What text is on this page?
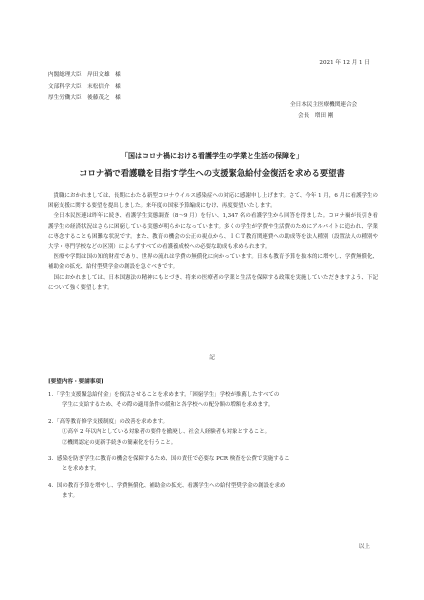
2021 年 12 月 1 日
内閣総理大臣　岸田文雄　様
文部科学大臣　末松信介　様
厚生労働大臣　後藤茂之　様
全日本民主医療機関連合会
会長　増田 剛
「国はコロナ禍における看護学生の学業と生活の保障を」
コロナ禍で看護職を目指す学生への支援緊急給付金復活を求める要望書

貴職におかれましては、長期にわたる新型コロナウイルス感染症への対応に感謝申し上げます。さて、今年 1 月，6 月に看護学生の困窮支援に関する要望を提出しました。来年度の国家予算編成にむけ、再度要望いたします。

全日本民医連は昨年に続き、看護学生実態調査（8～9 月）を行い、1,347 名の看護学生から回答を得ました。コロナ禍が長引き看護学生の経済状況はさらに困窮している実態が明らかになっています。多くの学生が学費や生活費のためにアルバイトに追われ、学業に専念することも困難な状況です。また、教育の機会の公正の視点から、ＩＣＴ教育関連費への助成等を法人種別（設置法人の種別や大学・専門学校などの区別）によらずすべての看護養成校への必要な助成も求められます。

医療や学問は国の知的財産であり、世界の流れは学費の無償化に向かっています。日本も教育予算を抜本的に増やし、学費無償化、補助金の拡充、給付型奨学金の創設を急ぐべきです。

国におかれましては、日本国憲法の精神にもとづき、将来の医療者の学業と生活を保障する政策を実施していただきますよう、下記について強く要望します。

記
[要望内容・要請事項]
1．「学生支援緊急給付金」を復活させることを求めます。「困窮学生」学校が推薦したすべての
学生に支給するため、その際の適用条件の緩和と各学校への配分額の増額を求めます。
2．「高等教育修学支援制度」の改善を求めます。
①高卒 2 年以内としている対象者の要件を撤廃し、社会人経験者も対象とすること。
②機関認定の更新手続きの簡素化を行うこと。
3．感染を防ぎ学生に教育の機会を保障するため、国の責任で必要な PCR 検査を公費で実施するこ
とを求めます。
4．国の教育予算を増やし、学費無償化、補助金の拡充、看護学生への給付型奨学金の創設を求め
ます。
以上
